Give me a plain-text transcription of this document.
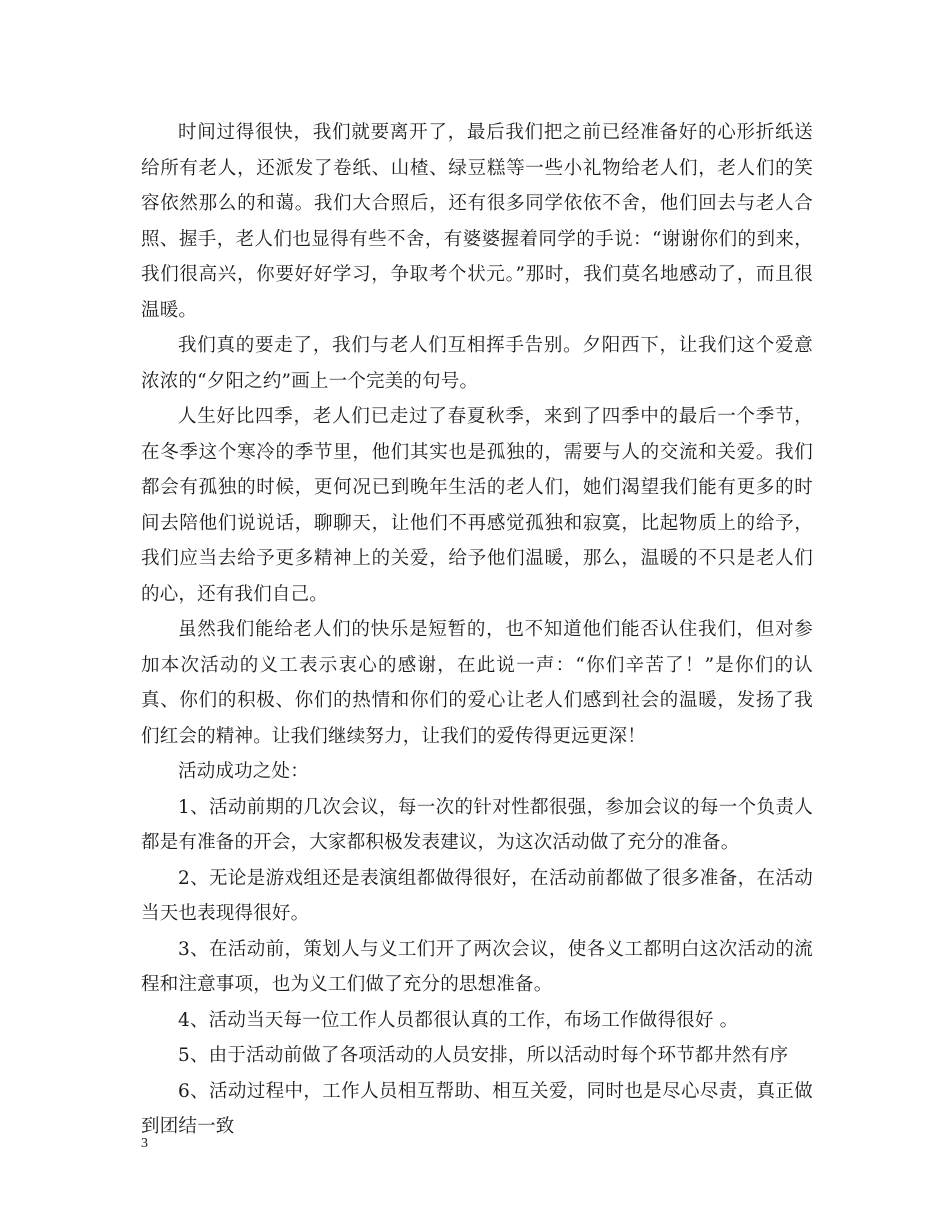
时间过得很快，我们就要离开了，最后我们把之前已经准备好的心形折纸送给所有老人，还派发了卷纸、山楂、绿豆糕等一些小礼物给老人们，老人们的笑容依然那么的和蔼。我们大合照后，还有很多同学依依不舍，他们回去与老人合照、握手，老人们也显得有些不舍，有婆婆握着同学的手说：“谢谢你们的到来，我们很高兴，你要好好学习，争取考个状元。”那时，我们莫名地感动了，而且很温暖。

我们真的要走了，我们与老人们互相挥手告别。夕阳西下，让我们这个爱意浓浓的“夕阳之约”画上一个完美的句号。

人生好比四季，老人们已走过了春夏秋季，来到了四季中的最后一个季节，在冬季这个寒冷的季节里，他们其实也是孤独的，需要与人的交流和关爱。我们都会有孤独的时候，更何况已到晚年生活的老人们，她们渴望我们能有更多的时间去陪他们说说话，聊聊天，让他们不再感觉孤独和寂寞，比起物质上的给予，我们应当去给予更多精神上的关爱，给予他们温暖，那么，温暖的不只是老人们的心，还有我们自己。

虽然我们能给老人们的快乐是短暂的，也不知道他们能否认住我们，但对参加本次活动的义工表示衷心的感谢，在此说一声：“你们辛苦了！”是你们的认真、你们的积极、你们的热情和你们的爱心让老人们感到社会的温暖，发扬了我们红会的精神。让我们继续努力，让我们的爱传得更远更深！

活动成功之处：

1、活动前期的几次会议，每一次的针对性都很强，参加会议的每一个负责人都是有准备的开会，大家都积极发表建议，为这次活动做了充分的准备。

2、无论是游戏组还是表演组都做得很好，在活动前都做了很多准备，在活动当天也表现得很好。

3、在活动前，策划人与义工们开了两次会议，使各义工都明白这次活动的流程和注意事项，也为义工们做了充分的思想准备。

4、活动当天每一位工作人员都很认真的工作，布场工作做得很好 。

5、由于活动前做了各项活动的人员安排，所以活动时每个环节都井然有序

6、活动过程中，工作人员相互帮助、相互关爱，同时也是尽心尽责，真正做到团结一致

3
